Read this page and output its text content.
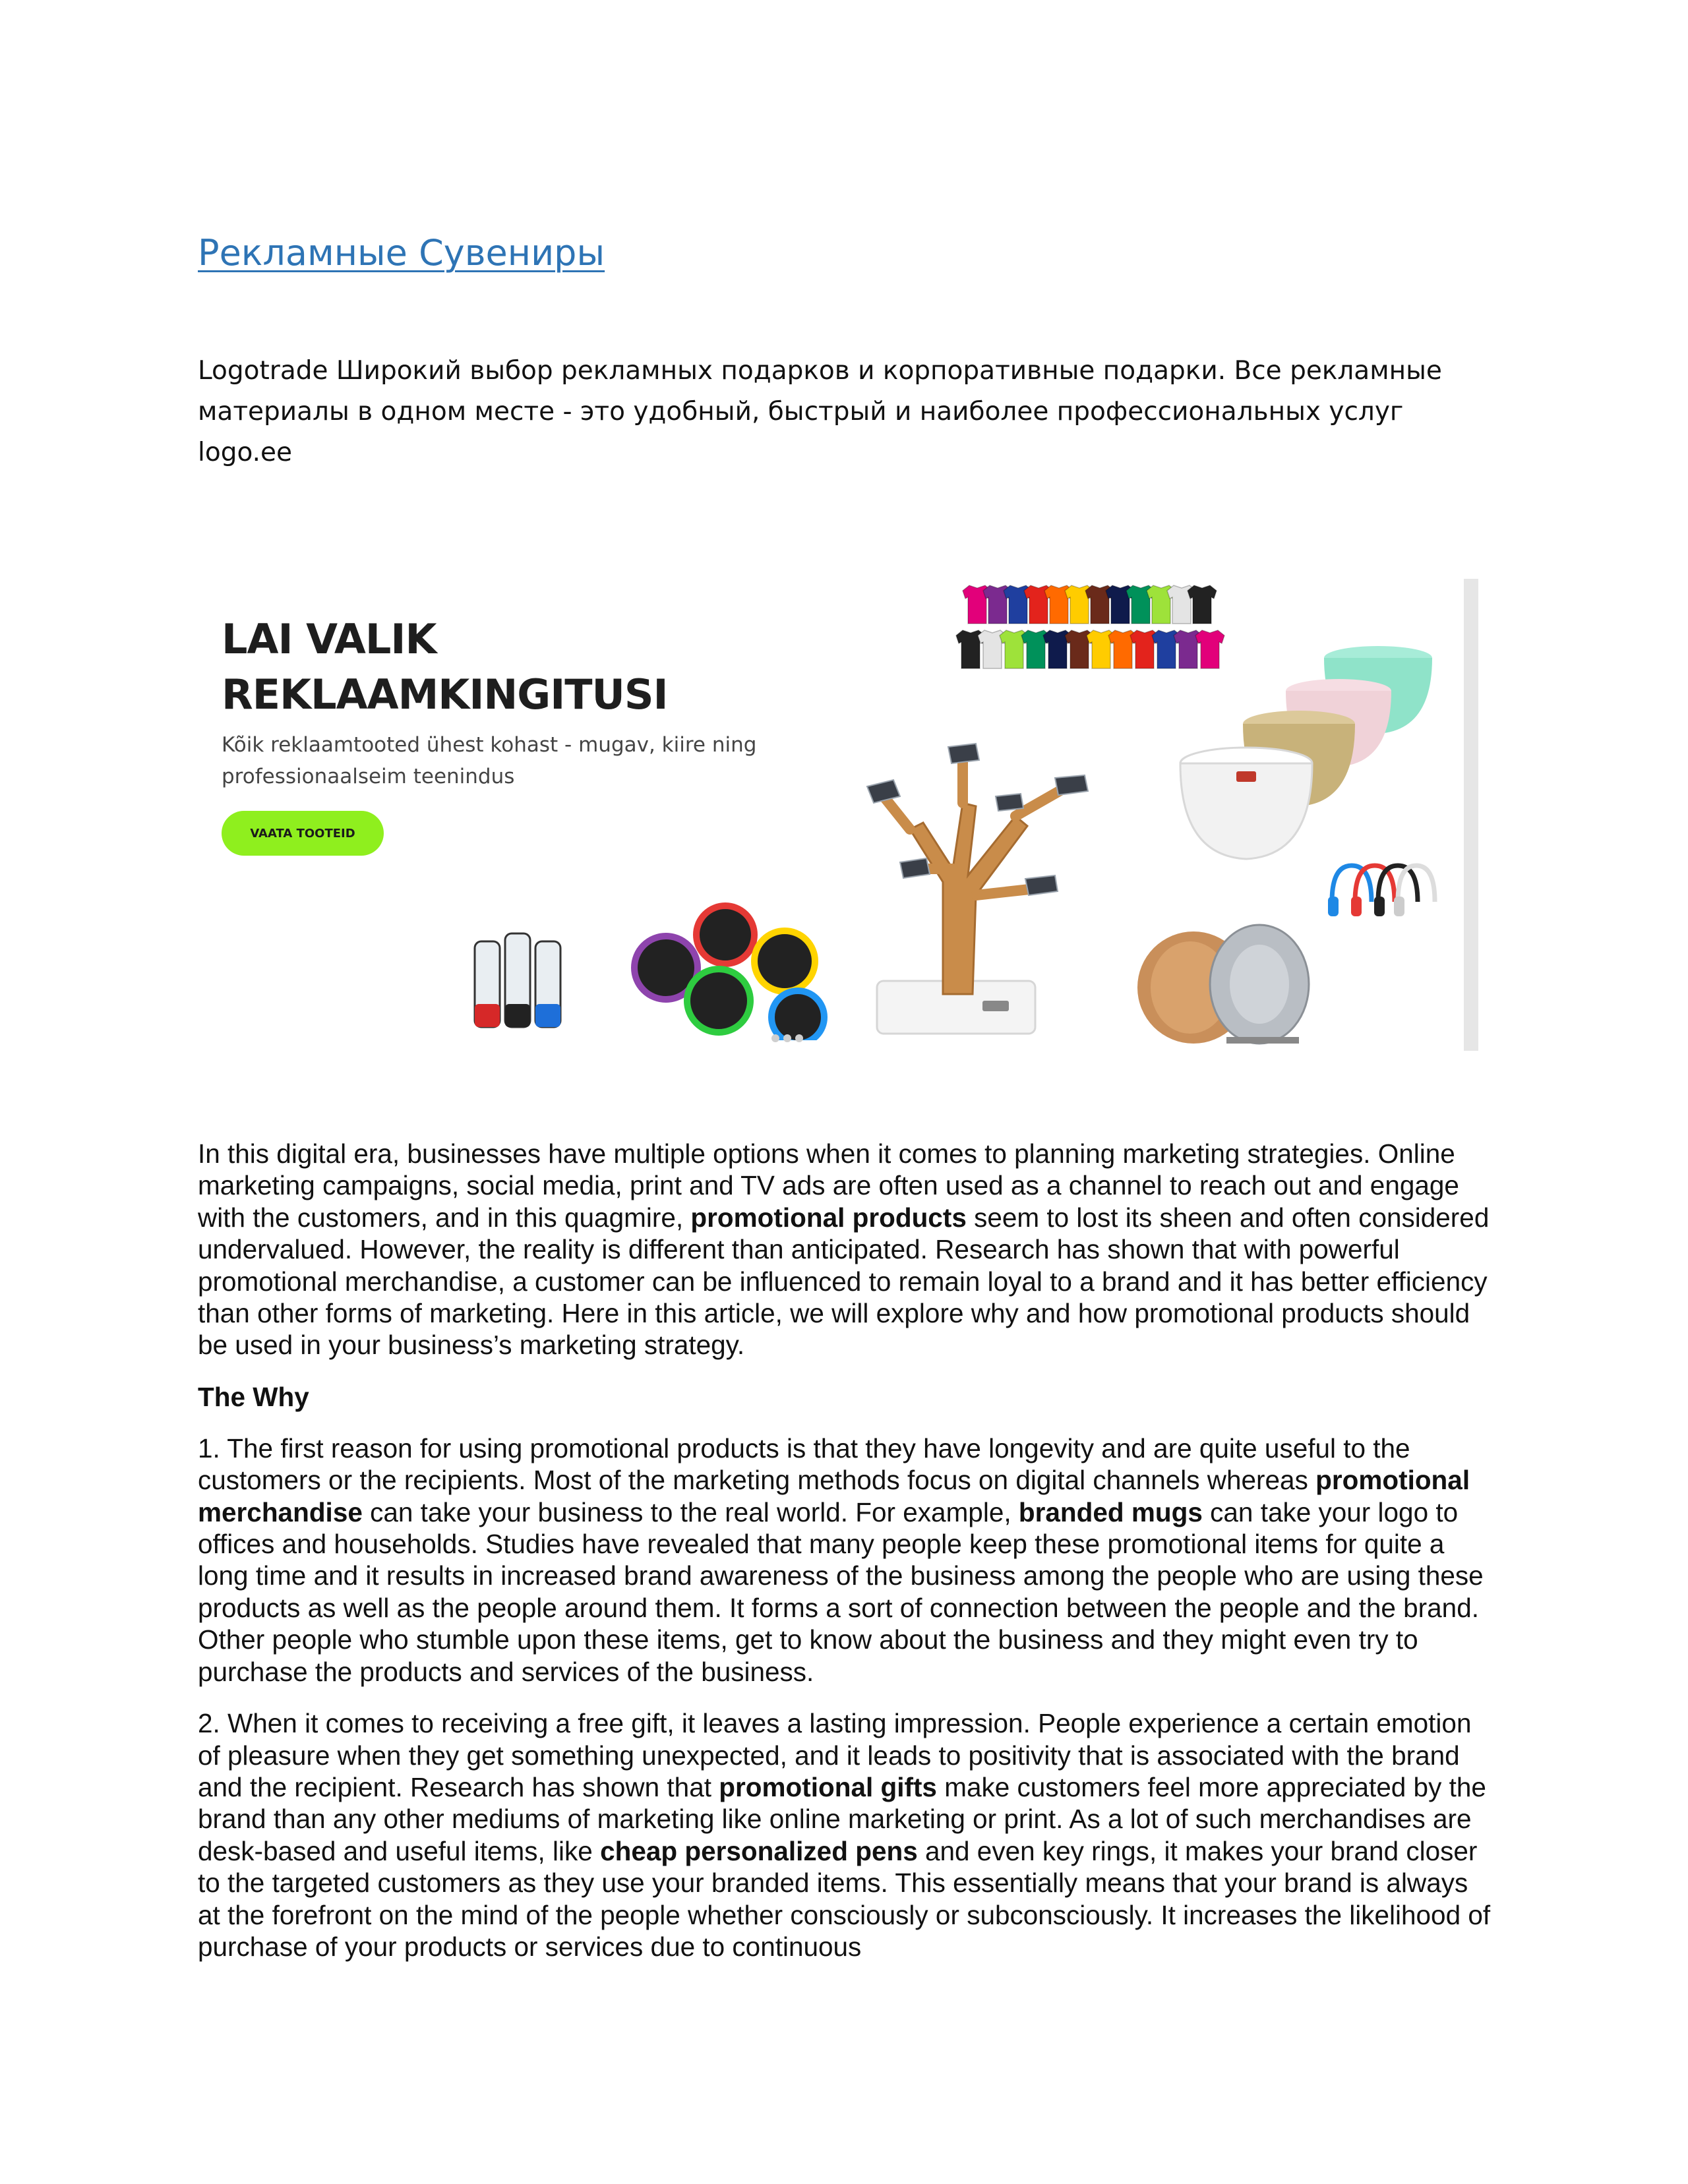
Рекламные Сувениры
Logotrade Широкий выбор рекламных подарков и корпоративные подарки. Все рекламные материалы в одном месте - это удобный, быстрый и наиболее профессиональных услуг logo.ee
LAI VALIK
REKLAAMKINGITUSI
Kõik reklaamtooted ühest kohast - mugav, kiire ning professionaalseim teenindus
VAATA TOOTEID

In this digital era, businesses have multiple options when it comes to planning marketing strategies. Online marketing campaigns, social media, print and TV ads are often used as a channel to reach out and engage with the customers, and in this quagmire, promotional products seem to lost its sheen and often considered undervalued. However, the reality is different than anticipated. Research has shown that with powerful promotional merchandise, a customer can be influenced to remain loyal to a brand and it has better efficiency than other forms of marketing. Here in this article, we will explore why and how promotional products should be used in your business’s marketing strategy.

The Why

1. The first reason for using promotional products is that they have longevity and are quite useful to the customers or the recipients. Most of the marketing methods focus on digital channels whereas promotional merchandise can take your business to the real world. For example, branded mugs can take your logo to offices and households. Studies have revealed that many people keep these promotional items for quite a long time and it results in increased brand awareness of the business among the people who are using these products as well as the people around them. It forms a sort of connection between the people and the brand. Other people who stumble upon these items, get to know about the business and they might even try to purchase the products and services of the business.

2. When it comes to receiving a free gift, it leaves a lasting impression. People experience a certain emotion of pleasure when they get something unexpected, and it leads to positivity that is associated with the brand and the recipient. Research has shown that promotional gifts make customers feel more appreciated by the brand than any other mediums of marketing like online marketing or print. As a lot of such merchandises are desk-based and useful items, like cheap personalized pens and even key rings, it makes your brand closer to the targeted customers as they use your branded items. This essentially means that your brand is always at the forefront on the mind of the people whether consciously or subconsciously. It increases the likelihood of purchase of your products or services due to continuous
